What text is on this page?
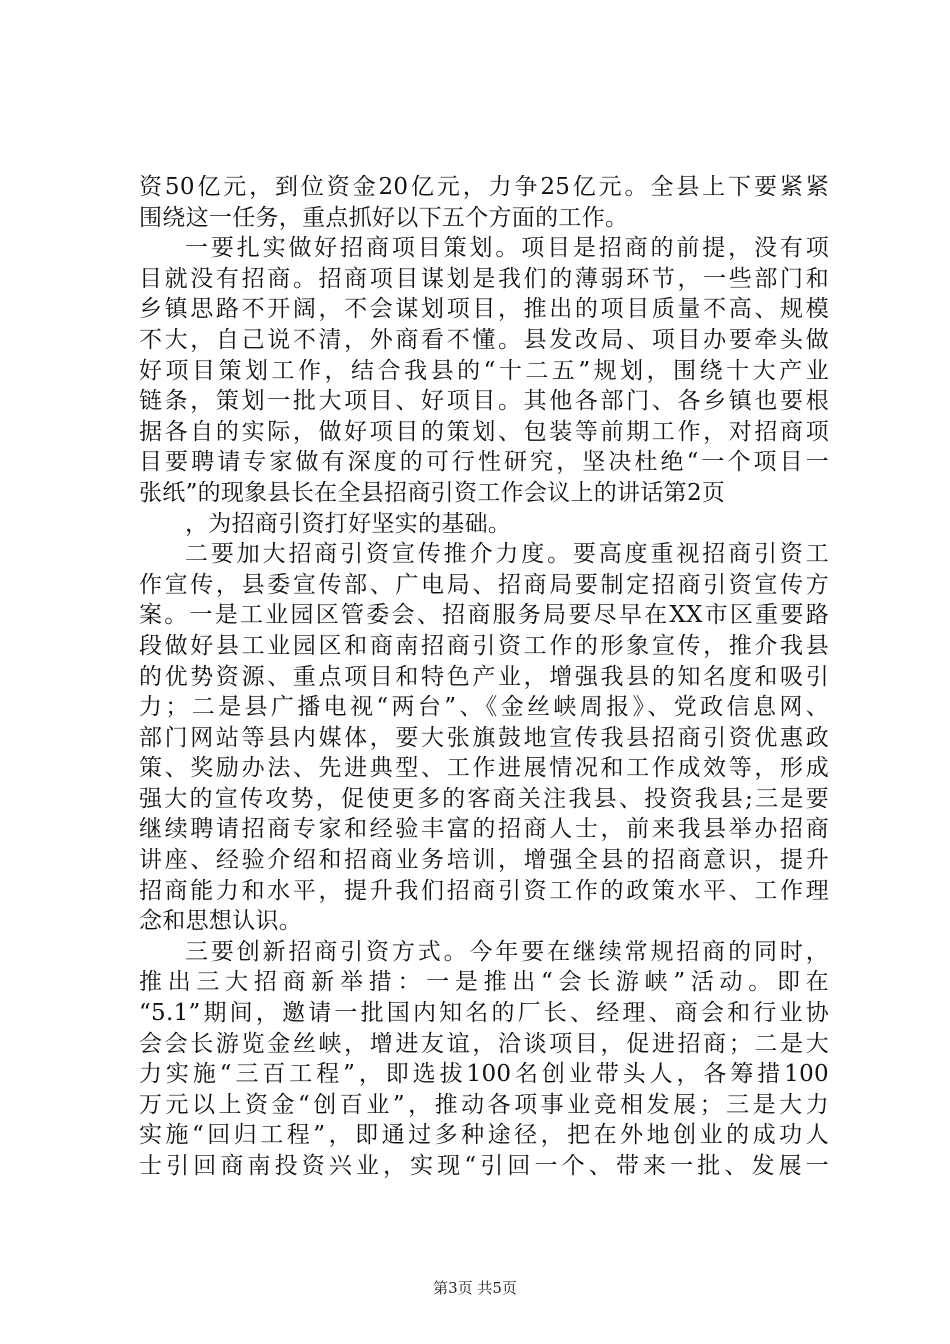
资50亿元，到位资金20亿元，力争25亿元。全县上下要紧紧
围绕这一任务，重点抓好以下五个方面的工作。
一要扎实做好招商项目策划。项目是招商的前提，没有项
目就没有招商。招商项目谋划是我们的薄弱环节，一些部门和
乡镇思路不开阔，不会谋划项目，推出的项目质量不高、规模
不大，自己说不清，外商看不懂。县发改局、项目办要牵头做
好项目策划工作，结合我县的“十二五”规划，围绕十大产业
链条，策划一批大项目、好项目。其他各部门、各乡镇也要根
据各自的实际，做好项目的策划、包装等前期工作，对招商项
目要聘请专家做有深度的可行性研究，坚决杜绝“一个项目一
张纸”的现象县长在全县招商引资工作会议上的讲话第2页
，为招商引资打好坚实的基础。
二要加大招商引资宣传推介力度。要高度重视招商引资工
作宣传，县委宣传部、广电局、招商局要制定招商引资宣传方
案。一是工业园区管委会、招商服务局要尽早在XX市区重要路
段做好县工业园区和商南招商引资工作的形象宣传，推介我县
的优势资源、重点项目和特色产业，增强我县的知名度和吸引
力；二是县广播电视“两台”、《金丝峡周报》、党政信息网、
部门网站等县内媒体，要大张旗鼓地宣传我县招商引资优惠政
策、奖励办法、先进典型、工作进展情况和工作成效等，形成
强大的宣传攻势，促使更多的客商关注我县、投资我县;三是要
继续聘请招商专家和经验丰富的招商人士，前来我县举办招商
讲座、经验介绍和招商业务培训，增强全县的招商意识，提升
招商能力和水平，提升我们招商引资工作的政策水平、工作理
念和思想认识。
三要创新招商引资方式。今年要在继续常规招商的同时，
推出三大招商新举措：一是推出“会长游峡”活动。即在
“5.1”期间，邀请一批国内知名的厂长、经理、商会和行业协
会会长游览金丝峡，增进友谊，洽谈项目，促进招商；二是大
力实施“三百工程”，即选拔100名创业带头人，各筹措100
万元以上资金“创百业”，推动各项事业竞相发展；三是大力
实施“回归工程”，即通过多种途径，把在外地创业的成功人
士引回商南投资兴业，实现“引回一个、带来一批、发展一
第3页 共5页
